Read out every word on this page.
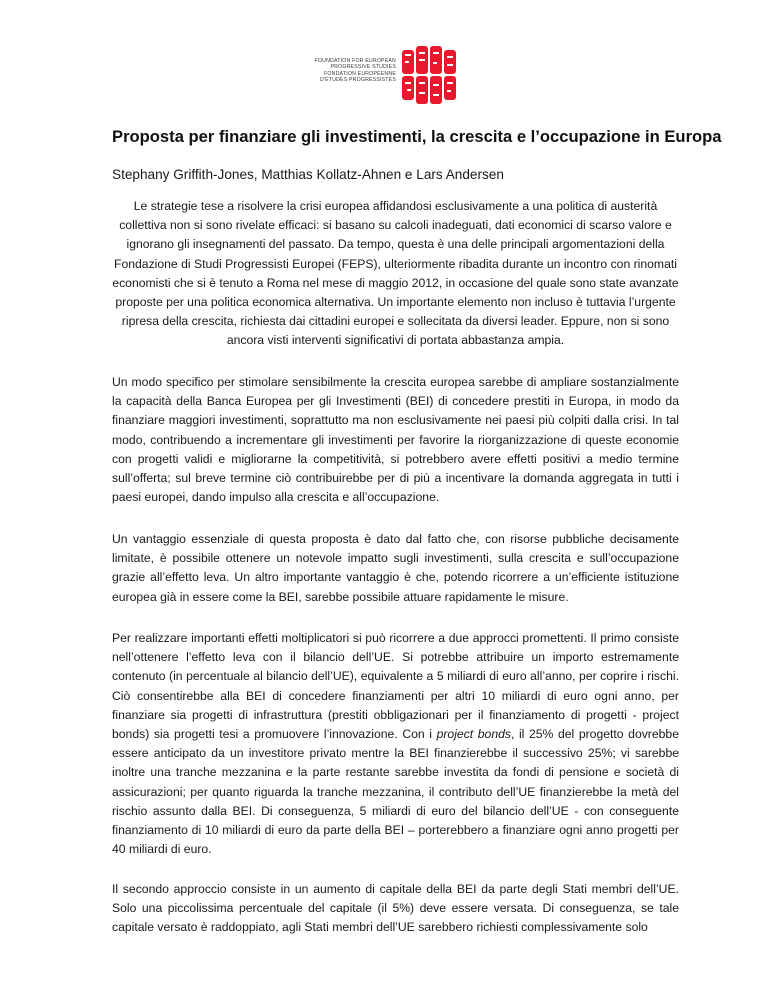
FOUNDATION FOR EUROPEAN
PROGRESSIVE STUDIES
FONDATION EUROPÉENNE
D'ÉTUDES PROGRESSISTES
Proposta per finanziare gli investimenti, la crescita e l’occupazione in Europa

Stephany Griffith-Jones, Matthias Kollatz-Ahnen e Lars Andersen

Le strategie tese a risolvere la crisi europea affidandosi esclusivamente a una politica di austerità collettiva non si sono rivelate efficaci: si basano su calcoli inadeguati, dati economici di scarso valore e ignorano gli insegnamenti del passato. Da tempo, questa è una delle principali argomentazioni della Fondazione di Studi Progressisti Europei (FEPS), ulteriormente ribadita durante un incontro con rinomati economisti che si è tenuto a Roma nel mese di maggio 2012, in occasione del quale sono state avanzate proposte per una politica economica alternativa. Un importante elemento non incluso è tuttavia l’urgente ripresa della crescita, richiesta dai cittadini europei e sollecitata da diversi leader. Eppure, non si sono ancora visti interventi significativi di portata abbastanza ampia.

Un modo specifico per stimolare sensibilmente la crescita europea sarebbe di ampliare sostanzialmente la capacità della Banca Europea per gli Investimenti (BEI) di concedere prestiti in Europa, in modo da finanziare maggiori investimenti, soprattutto ma non esclusivamente nei paesi più colpiti dalla crisi. In tal modo, contribuendo a incrementare gli investimenti per favorire la riorganizzazione di queste economie con progetti validi e migliorarne la competitività, si potrebbero avere effetti positivi a medio termine sull’offerta; sul breve termine ciò contribuirebbe per di più a incentivare la domanda aggregata in tutti i paesi europei, dando impulso alla crescita e all’occupazione.

Un vantaggio essenziale di questa proposta è dato dal fatto che, con risorse pubbliche decisamente limitate, è possibile ottenere un notevole impatto sugli investimenti, sulla crescita e sull’occupazione grazie all’effetto leva. Un altro importante vantaggio è che, potendo ricorrere a un’efficiente istituzione europea già in essere come la BEI, sarebbe possibile attuare rapidamente le misure.

Per realizzare importanti effetti moltiplicatori si può ricorrere a due approcci promettenti. Il primo consiste nell’ottenere l’effetto leva con il bilancio dell’UE. Si potrebbe attribuire un importo estremamente contenuto (in percentuale al bilancio dell’UE), equivalente a 5 miliardi di euro all’anno, per coprire i rischi. Ciò consentirebbe alla BEI di concedere finanziamenti per altri 10 miliardi di euro ogni anno, per finanziare sia progetti di infrastruttura (prestiti obbligazionari per il finanziamento di progetti - project bonds) sia progetti tesi a promuovere l’innovazione. Con i project bonds, il 25% del progetto dovrebbe essere anticipato da un investitore privato mentre la BEI finanzierebbe il successivo 25%; vi sarebbe inoltre una tranche mezzanina e la parte restante sarebbe investita da fondi di pensione e società di assicurazioni; per quanto riguarda la tranche mezzanina, il contributo dell’UE finanzierebbe la metà del rischio assunto dalla BEI. Di conseguenza, 5 miliardi di euro del bilancio dell’UE - con conseguente finanziamento di 10 miliardi di euro da parte della BEI – porterebbero a finanziare ogni anno progetti per 40 miliardi di euro.

Il secondo approccio consiste in un aumento di capitale della BEI da parte degli Stati membri dell’UE. Solo una piccolissima percentuale del capitale (il 5%) deve essere versata. Di conseguenza, se tale capitale versato è raddoppiato, agli Stati membri dell’UE sarebbero richiesti complessivamente solo
